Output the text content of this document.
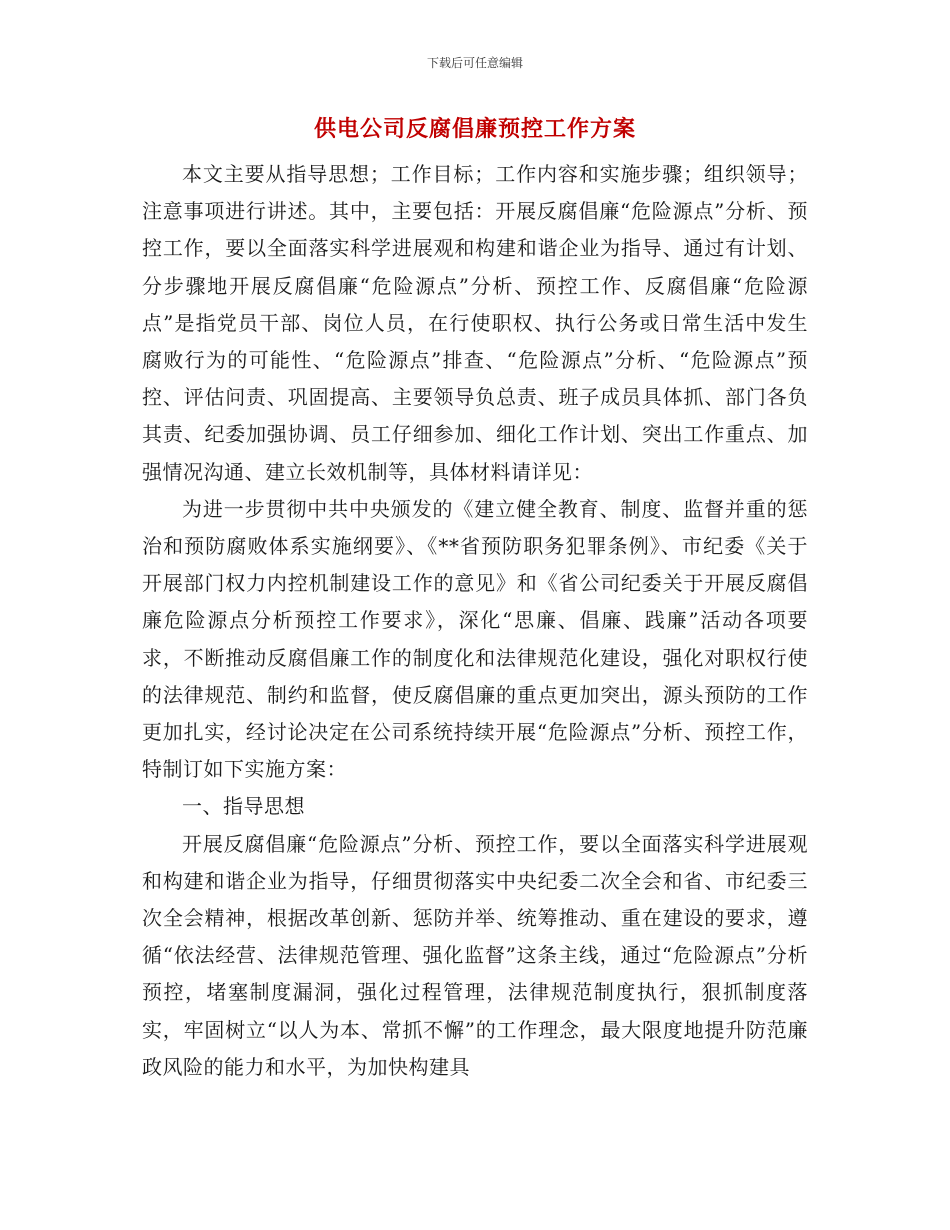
下载后可任意编辑
供电公司反腐倡廉预控工作方案

本文主要从指导思想；工作目标；工作内容和实施步骤；组织领导；注意事项进行讲述。其中，主要包括：开展反腐倡廉“危险源点”分析、预控工作，要以全面落实科学进展观和构建和谐企业为指导、通过有计划、分步骤地开展反腐倡廉“危险源点”分析、预控工作、反腐倡廉“危险源点”是指党员干部、岗位人员，在行使职权、执行公务或日常生活中发生腐败行为的可能性、“危险源点”排查、“危险源点”分析、“危险源点”预控、评估问责、巩固提高、主要领导负总责、班子成员具体抓、部门各负其责、纪委加强协调、员工仔细参加、细化工作计划、突出工作重点、加强情况沟通、建立长效机制等，具体材料请详见：

为进一步贯彻中共中央颁发的《建立健全教育、制度、监督并重的惩治和预防腐败体系实施纲要》、《**省预防职务犯罪条例》、市纪委《关于开展部门权力内控机制建设工作的意见》和《省公司纪委关于开展反腐倡廉危险源点分析预控工作要求》，深化“思廉、倡廉、践廉”活动各项要求，不断推动反腐倡廉工作的制度化和法律规范化建设，强化对职权行使的法律规范、制约和监督，使反腐倡廉的重点更加突出，源头预防的工作更加扎实，经讨论决定在公司系统持续开展“危险源点”分析、预控工作，特制订如下实施方案：

一、指导思想

开展反腐倡廉“危险源点”分析、预控工作，要以全面落实科学进展观和构建和谐企业为指导，仔细贯彻落实中央纪委二次全会和省、市纪委三次全会精神，根据改革创新、惩防并举、统筹推动、重在建设的要求，遵循“依法经营、法律规范管理、强化监督”这条主线，通过“危险源点”分析预控，堵塞制度漏洞，强化过程管理，法律规范制度执行，狠抓制度落实，牢固树立“以人为本、常抓不懈”的工作理念，最大限度地提升防范廉政风险的能力和水平，为加快构建具
